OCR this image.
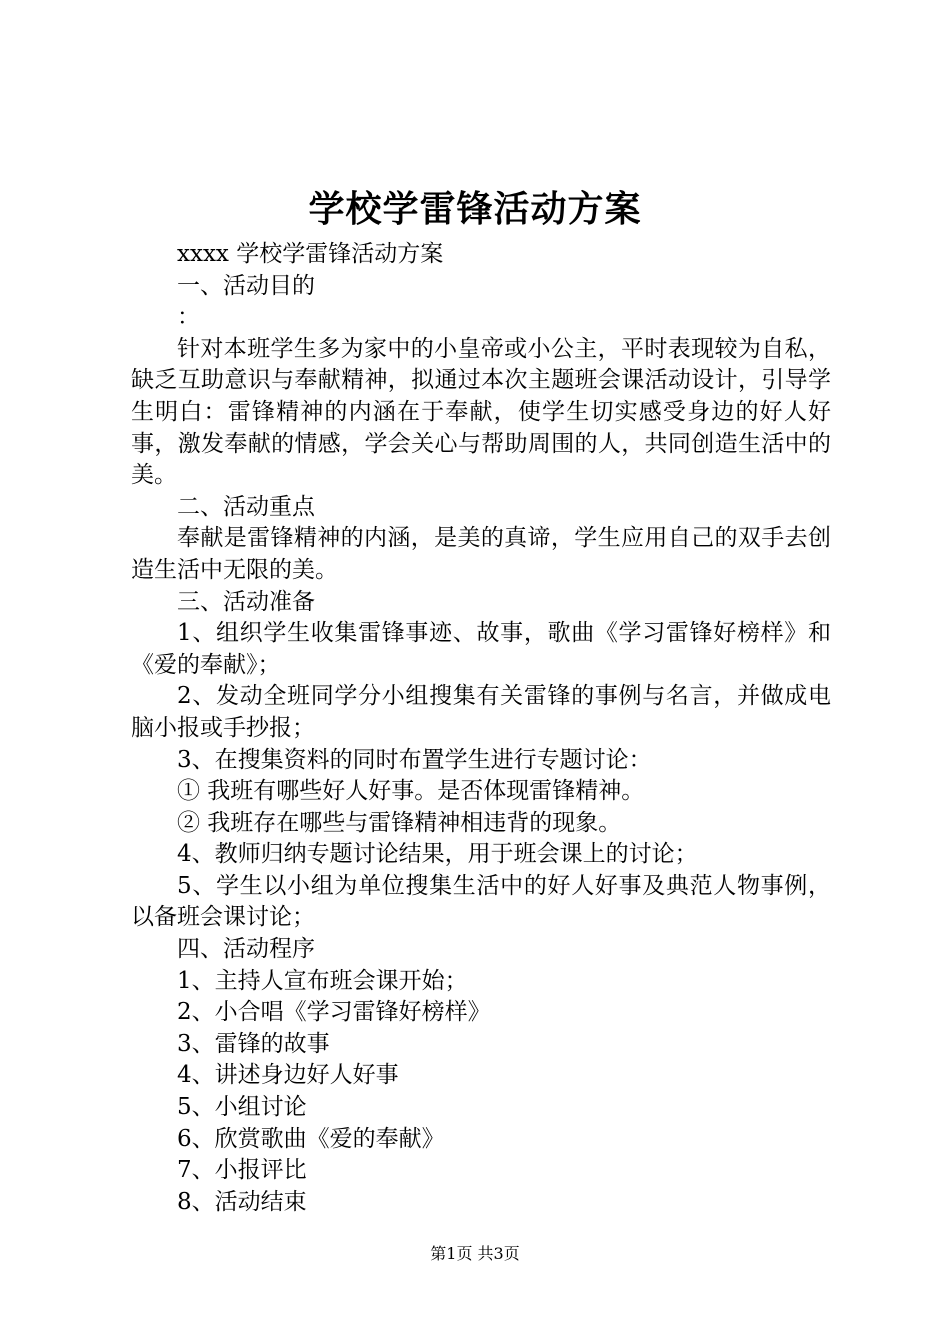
学校学雷锋活动方案

xxxx 学校学雷锋活动方案

一、活动目的

：

针对本班学生多为家中的小皇帝或小公主，平时表现较为自私，缺乏互助意识与奉献精神，拟通过本次主题班会课活动设计，引导学生明白：雷锋精神的内涵在于奉献，使学生切实感受身边的好人好事，激发奉献的情感，学会关心与帮助周围的人，共同创造生活中的美。

二、活动重点

奉献是雷锋精神的内涵，是美的真谛，学生应用自己的双手去创造生活中无限的美。

三、活动准备

1、组织学生收集雷锋事迹、故事，歌曲《学习雷锋好榜样》和《爱的奉献》；

2、发动全班同学分小组搜集有关雷锋的事例与名言，并做成电脑小报或手抄报；

3、在搜集资料的同时布置学生进行专题讨论：

① 我班有哪些好人好事。是否体现雷锋精神。

② 我班存在哪些与雷锋精神相违背的现象。

4、教师归纳专题讨论结果，用于班会课上的讨论；

5、学生以小组为单位搜集生活中的好人好事及典范人物事例，以备班会课讨论；

四、活动程序

1、主持人宣布班会课开始；

2、小合唱《学习雷锋好榜样》

3、雷锋的故事

4、讲述身边好人好事

5、小组讨论

6、欣赏歌曲《爱的奉献》

7、小报评比

8、活动结束

第1页 共3页
